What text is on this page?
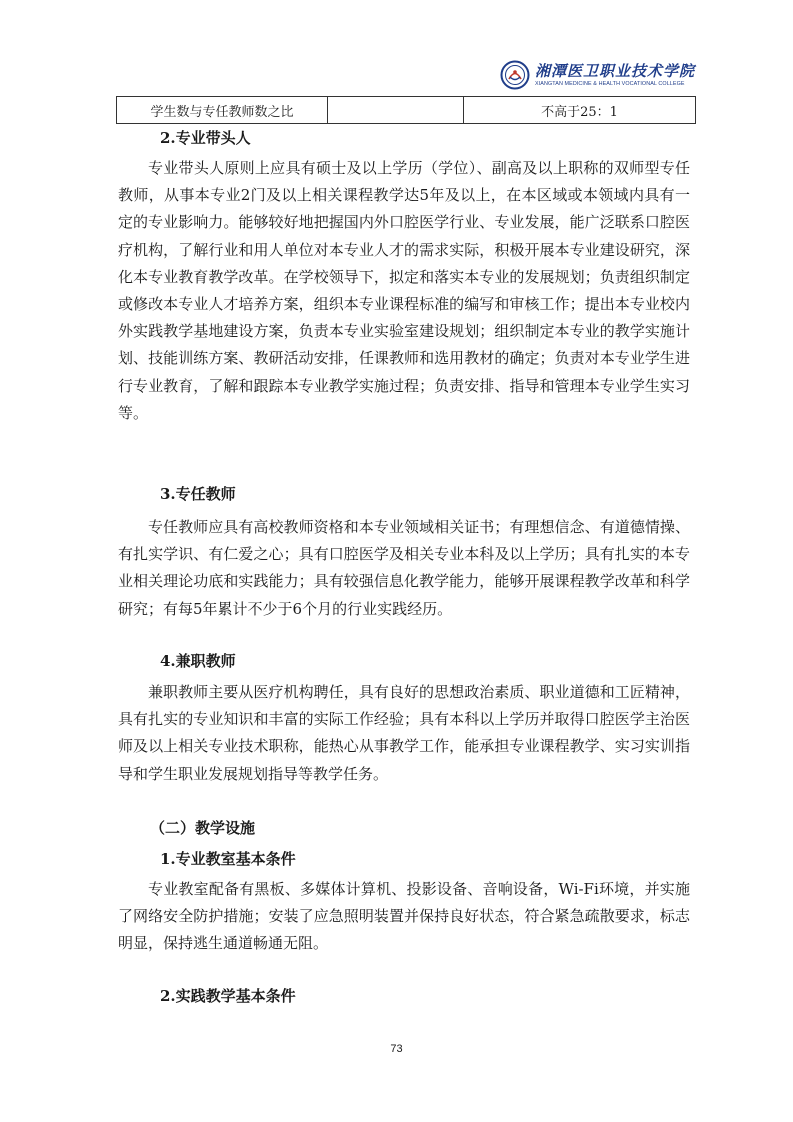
湘潭医卫职业技术学院
XIANGTAN MEDICINE & HEALTH VOCATIONAL COLLEGE
学生数与专任教师数之比		不高于25：1
2.专业带头人

专业带头人原则上应具有硕士及以上学历（学位）、副高及以上职称的双师型专任教师，从事本专业2门及以上相关课程教学达5年及以上，在本区域或本领域内具有一定的专业影响力。能够较好地把握国内外口腔医学行业、专业发展，能广泛联系口腔医疗机构，了解行业和用人单位对本专业人才的需求实际，积极开展本专业建设研究，深化本专业教育教学改革。在学校领导下，拟定和落实本专业的发展规划；负责组织制定或修改本专业人才培养方案，组织本专业课程标准的编写和审核工作；提出本专业校内外实践教学基地建设方案，负责本专业实验室建设规划；组织制定本专业的教学实施计划、技能训练方案、教研活动安排，任课教师和选用教材的确定；负责对本专业学生进行专业教育，了解和跟踪本专业教学实施过程；负责安排、指导和管理本专业学生实习等。

3.专任教师

专任教师应具有高校教师资格和本专业领域相关证书；有理想信念、有道德情操、有扎实学识、有仁爱之心；具有口腔医学及相关专业本科及以上学历；具有扎实的本专业相关理论功底和实践能力；具有较强信息化教学能力，能够开展课程教学改革和科学研究；有每5年累计不少于6个月的行业实践经历。

4.兼职教师

兼职教师主要从医疗机构聘任，具有良好的思想政治素质、职业道德和工匠精神，具有扎实的专业知识和丰富的实际工作经验；具有本科以上学历并取得口腔医学主治医师及以上相关专业技术职称，能热心从事教学工作，能承担专业课程教学、实习实训指导和学生职业发展规划指导等教学任务。

（二）教学设施
1.专业教室基本条件

专业教室配备有黑板、多媒体计算机、投影设备、音响设备，Wi-Fi环境，并实施了网络安全防护措施；安装了应急照明装置并保持良好状态，符合紧急疏散要求，标志明显，保持逃生通道畅通无阻。

2.实践教学基本条件
73
